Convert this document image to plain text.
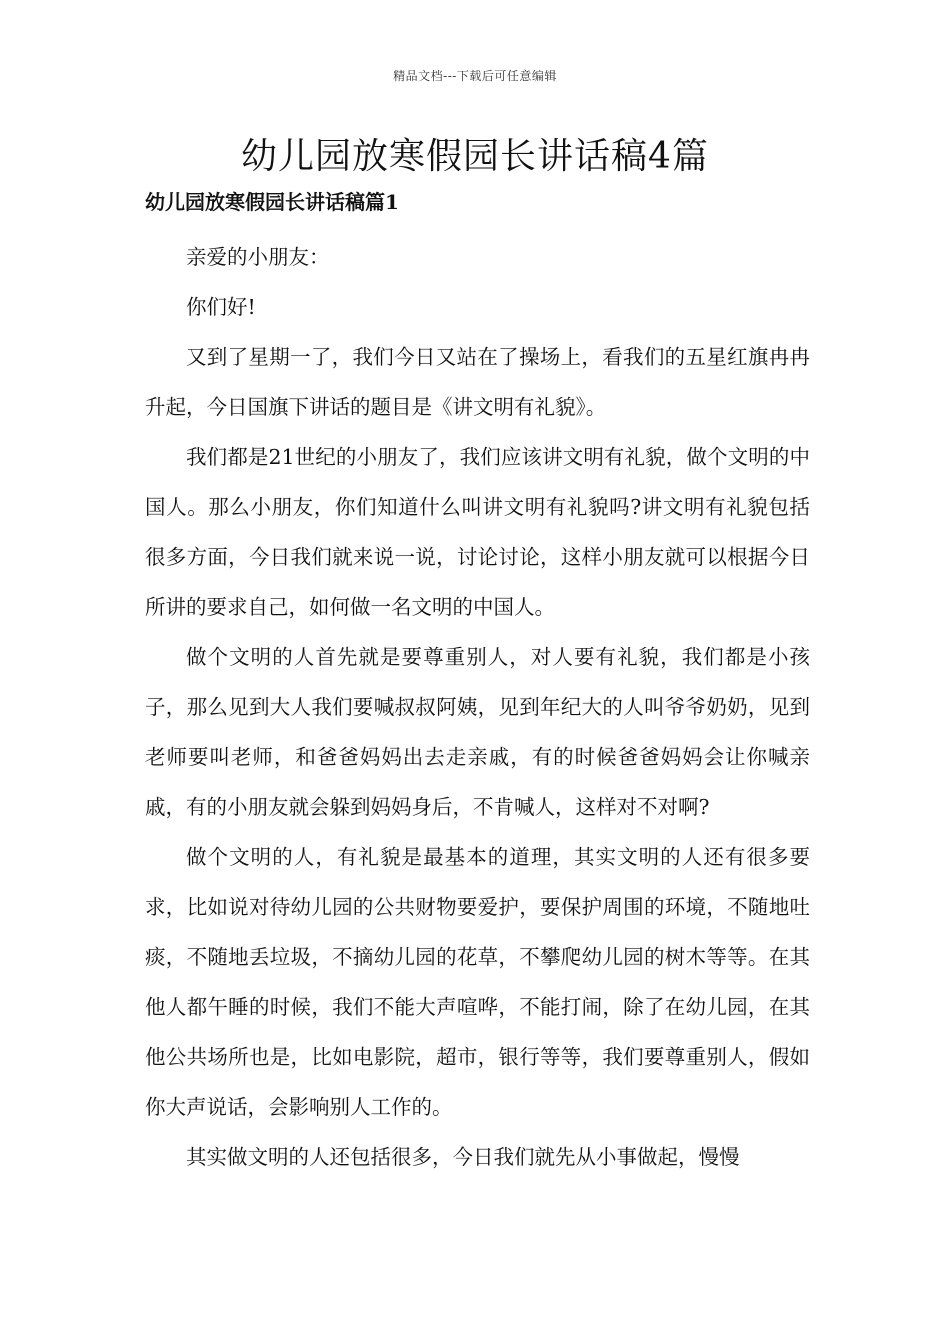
精品文档---下载后可任意编辑
幼儿园放寒假园长讲话稿4篇
幼儿园放寒假园长讲话稿篇1

亲爱的小朋友：

你们好!

又到了星期一了，我们今日又站在了操场上，看我们的五星红旗冉冉升起，今日国旗下讲话的题目是《讲文明有礼貌》。

我们都是21世纪的小朋友了，我们应该讲文明有礼貌，做个文明的中国人。那么小朋友，你们知道什么叫讲文明有礼貌吗?讲文明有礼貌包括很多方面，今日我们就来说一说，讨论讨论，这样小朋友就可以根据今日所讲的要求自己，如何做一名文明的中国人。

做个文明的人首先就是要尊重别人，对人要有礼貌，我们都是小孩子，那么见到大人我们要喊叔叔阿姨，见到年纪大的人叫爷爷奶奶，见到老师要叫老师，和爸爸妈妈出去走亲戚，有的时候爸爸妈妈会让你喊亲戚，有的小朋友就会躲到妈妈身后，不肯喊人，这样对不对啊?

做个文明的人，有礼貌是最基本的道理，其实文明的人还有很多要求，比如说对待幼儿园的公共财物要爱护，要保护周围的环境，不随地吐痰，不随地丢垃圾，不摘幼儿园的花草，不攀爬幼儿园的树木等等。在其他人都午睡的时候，我们不能大声喧哗，不能打闹，除了在幼儿园，在其他公共场所也是，比如电影院，超市，银行等等，我们要尊重别人，假如你大声说话，会影响别人工作的。

其实做文明的人还包括很多，今日我们就先从小事做起，慢慢
